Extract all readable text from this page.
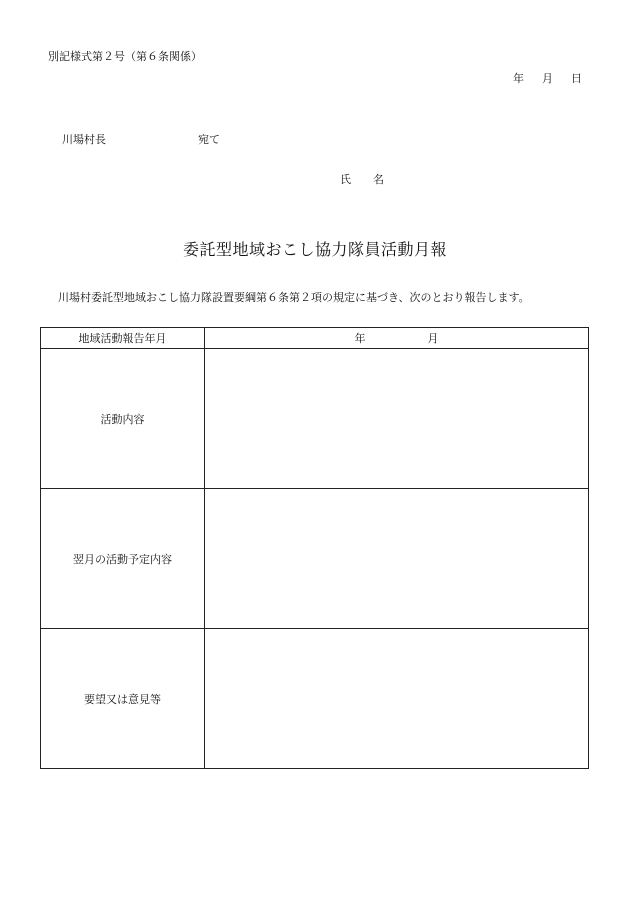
別記様式第２号（第６条関係）
年 月 日
川場村長	宛て
氏 名
委託型地域おこし協力隊員活動月報
川場村委託型地域おこし協力隊設置要綱第６条第２項の規定に基づき、次のとおり報告します。
地域活動報告年月	年 月

活動内容	
翌月の活動予定内容	
要望又は意見等	
